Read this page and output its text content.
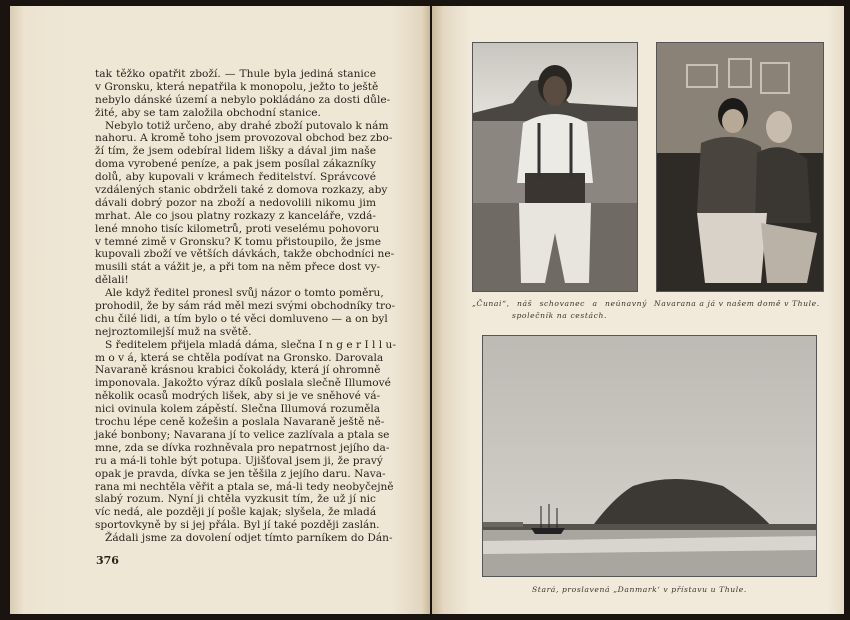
tak těžko opatřit zboží. — Thule byla jediná stanice
v Gronsku, která nepatřila k monopolu, ježto to ještě
nebylo dánské území a nebylo pokládáno za dosti důle-
žité, aby se tam založila obchodní stanice.
Nebylo totiž určeno, aby drahé zboží putovalo k nám
nahoru. A kromě toho jsem provozoval obchod bez zbo-
ží tím, že jsem odebíral lidem lišky a dával jim naše
doma vyrobené peníze, a pak jsem posílal zákazníky
dolů, aby kupovali v krámech ředitelství. Správcové
vzdálených stanic obdrželi také z domova rozkazy, aby
dávali dobrý pozor na zboží a nedovolili nikomu jim
mrhat. Ale co jsou platny rozkazy z kanceláře, vzdá-
lené mnoho tisíc kilometrů, proti veselému pohovoru
v temné zimě v Gronsku? K tomu přistoupilo, že jsme
kupovali zboží ve větších dávkách, takže obchodníci ne-
musili stát a vážit je, a při tom na něm přece dost vy-
dělali!
Ale když ředitel pronesl svůj názor o tomto poměru,
prohodil, že by sám rád měl mezi svými obchodníky tro-
chu čilé lidi, a tím bylo o té věci domluveno — a on byl
nejroztomilejší muž na světě.
S ředitelem přijela mladá dáma, slečna I n g e r I l l u-
m o v á, která se chtěla podívat na Gronsko. Darovala
Navaraně krásnou krabici čokolády, která jí ohromně
imponovala. Jakožto výraz díků poslala slečně Illumové
několik ocasů modrých lišek, aby si je ve sněhové vá-
nici ovinula kolem zápěstí. Slečna Illumová rozuměla
trochu lépe ceně kožešin a poslala Navaraně ještě ně-
jaké bonbony; Navarana jí to velice zazlívala a ptala se
mne, zda se dívka rozhněvala pro nepatrnost jejího da-
ru a má-li tohle být potupa. Ujišťoval jsem ji, že pravý
opak je pravda, dívka se jen těšila z jejího daru. Nava-
rana mi nechtěla věřit a ptala se, má-li tedy neobyčejně
slabý rozum. Nyní ji chtěla vyzkusit tím, že už jí nic
víc nedá, ale později jí pošle kajak; slyšela, že mladá
sportovkyně by si jej přála. Byl jí také později zaslán.
Žádali jsme za dovolení odjet tímto parníkem do Dán-
376
„Čunai“, náš schovanec a neúnavný
společník na cestách.
Navarana a já v našem domě v Thule.
Stará, proslavená „Danmark‘ v přístavu u Thule.
